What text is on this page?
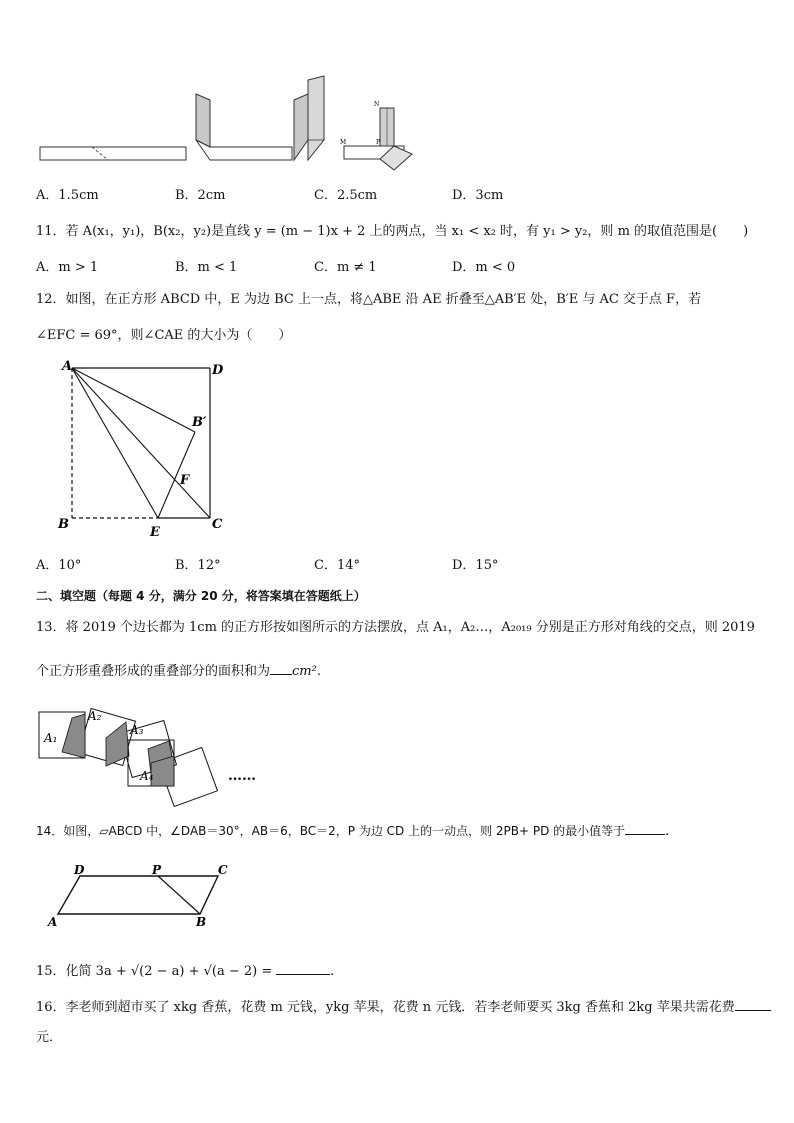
N
M	P
A．1.5cm	B．2cm	C．2.5cm	D．3cm
11．若 A(x₁，y₁)，B(x₂，y₂)是直线 y = (m − 1)x + 2 上的两点，当 x₁ < x₂ 时，有 y₁ > y₂，则 m 的取值范围是(　　)
A．m > 1	B．m < 1	C．m ≠ 1	D．m < 0
12．如图，在正方形 ABCD 中，E 为边 BC 上一点，将△ABE 沿 AE 折叠至△AB′E 处，B′E 与 AC 交于点 F，若
∠EFC = 69°，则∠CAE 的大小为（　　）
A	D
B′
F
B
E
C
A．10°	B．12°	C．14°	D．15°
二、填空题（每题 4 分，满分 20 分，将答案填在答题纸上）
13．将 2019 个边长都为 1cm 的正方形按如图所示的方法摆放，点 A₁，A₂…，A₂₀₁₉ 分别是正方形对角线的交点，则 2019
个正方形重叠形成的重叠部分的面积和为 cm².
A₁
A₂
A₃
A₄	……
14．如图，▱ABCD 中，∠DAB＝30°，AB＝6，BC＝2，P 为边 CD 上的一动点，则 2PB+ PD 的最小值等于	.
A	B
C
D	P
15．化简 3a + √(2 − a) + √(a − 2) =	.
16．李老师到超市买了 xkg 香蕉，花费 m 元钱，ykg 苹果，花费 n 元钱．若李老师要买 3kg 香蕉和 2kg 苹果共需花费
元．
